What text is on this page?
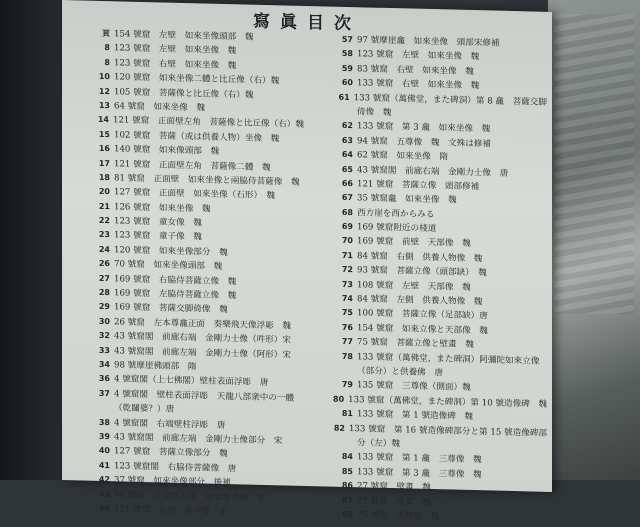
寫眞目次
頁 154 號窟　左壁　如來坐像頭部　魏
8 123 號窟　左壁　如來坐像　魏
8 123 號窟　右壁　如來坐像　魏
10 120 號窟　如來坐像二體と比丘像（右）魏
12 105 號窟　菩薩像と比丘像（右）魏
13 64 號窟　如來坐像　魏
14 121 號窟　正面壁左角　菩薩像と比丘像（右）魏
15 102 號窟　菩薩（或は供養人物）坐像　魏
16 140 號窟　如來像頭部　魏
17 121 號窟　正面壁左角　菩薩像二體　魏
18 81 號窟　正面壁　如來坐像と兩脇侍菩薩像　魏
20 127 號窟　正面壁　如來坐像（石形）　魏
21 126 號窟　如來坐像　魏
22 123 號窟　童女像　魏
23 123 號窟　童子像　魏
24 120 號窟　如來坐像部分　魏
26 70 號窟　如來坐像頭部　魏
27 169 號窟　右脇侍菩薩立像　魏
28 169 號窟　左脇侍菩薩立像　魏
29 169 號窟　菩薩交脚倚像　魏
30 26 號窟　左本尊龕正面　奏樂飛天像浮彫　魏
32 43 號窟閣　前廊右端　金剛力士像（吽形）宋
33 43 號窟閣　前廊左端　金剛力士像（阿形）宋
34 98 號摩崖佛頭部　隋
36 4 號窟閣（上七佛閣）壁柱表面浮彫　唐
37 4 號窟閣　壁柱表面浮彫　天龍八部衆中の一體
（乾闥婆？）唐
38 4 號窟閣　右端壁柱浮彫　唐
39 43 號窟閣　前廊左端　金剛力士像部分　宋
40 127 號窟　菩薩立像部分　魏
41 123 號窟閣　右脇侍菩薩像　唐
42 37 號窟　如來坐像部分　後補
43 90 號窟　正面壁左側　伽葉尊者像　宋
44 121 號窟　右壁　弟子像　宋
57 97 號摩崖龕　如來坐像　頭部宋修補
58 123 號窟　左壁　如來坐像　魏
59 83 號窟　右壁　如來坐像　魏
60 133 號窟　右壁　如來坐像　魏
61 133 號窟（萬佛堂，また碑洞）第 8 龕　菩薩交脚
倚像　魏
62 133 號窟　第 3 龕　如來坐像　魏
63 94 號窟　五尊像　魏　文殊は修補
64 62 號窟　如來坐像　隋
65 43 號窟閣　前廊右端　金剛力士像　唐
66 121 號窟　菩薩立像　頭部修補
67 35 號窟龕　如來坐像　魏
68 西方崖を西からみる
69 169 號窟附近の棧道
70 169 號窟　前壁　天部像　魏
71 84 號窟　右側　供養人物像　魏
72 93 號窟　菩薩立像（頭部缺）　魏
73 108 號窟　左壁　天部像　魏
74 84 號窟　左側　供養人物像　魏
75 100 號窟　菩薩立像（足部缺）唐
76 154 號窟　如來立像と天部像　魏
77 75 號窟　菩薩立像と壁畫　魏
78 133 號窟（萬佛堂，また碑洞）阿彌陀如來立像
（部分）と供養佛　唐
79 135 號窟　三尊像（側面）魏
80 133 號窟（萬佛堂，また碑洞）第 10 號造像碑　魏
81 133 號窟　第 1 號造像碑　魏
82 133 號窟　第 16 號造像碑部分と第 15 號造像碑部
分（左）魏
84 133 號窟　第 1 龕　三尊像　魏
85 133 號窟　第 3 龕　三尊像　魏
86 27 號窟　壁畫　魏
87 27 號窟　壁畫　魏
88 75 號窟　天井畫　魏
